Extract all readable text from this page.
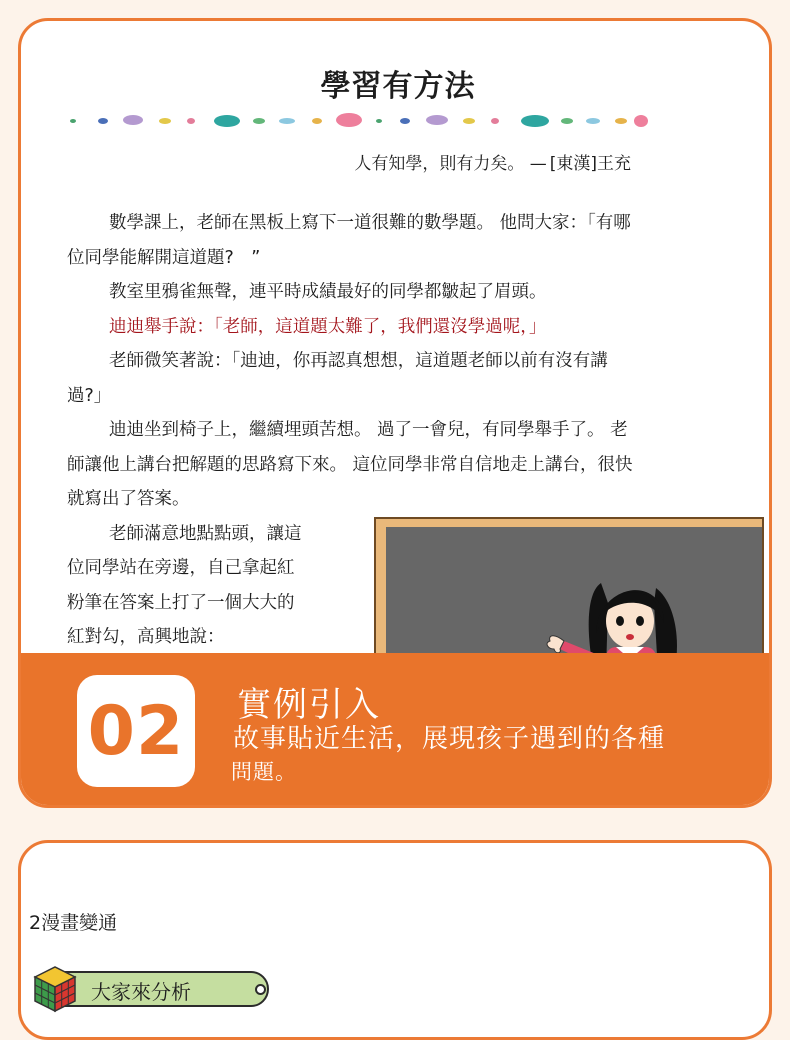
學習有方法
人有知學，則有力矣。 — [東漢]王充

數學課上，老師在黑板上寫下一道很難的數學題。 他問大家：「有哪位同學能解開這道題?　”

教室里鴉雀無聲，連平時成績最好的同學都皺起了眉頭。

迪迪舉手說：「老師，這道題太難了，我們還沒學過呢，」

老師微笑著說：「迪迪，你再認真想想，這道題老師以前有沒有講過?」

迪迪坐到椅子上，繼續埋頭苦想。 過了一會兒，有同學舉手了。 老師讓他上講台把解題的思路寫下來。 這位同學非常自信地走上講台，很快就寫出了答案。

老師滿意地點點頭，讓這位同學站在旁邊，自己拿起紅粉筆在答案上打了一個大大的紅對勾，高興地說：

02	實例引入
故事貼近生活，展現孩子遇到的各種
問題。
2漫畫變通
大家來分析
